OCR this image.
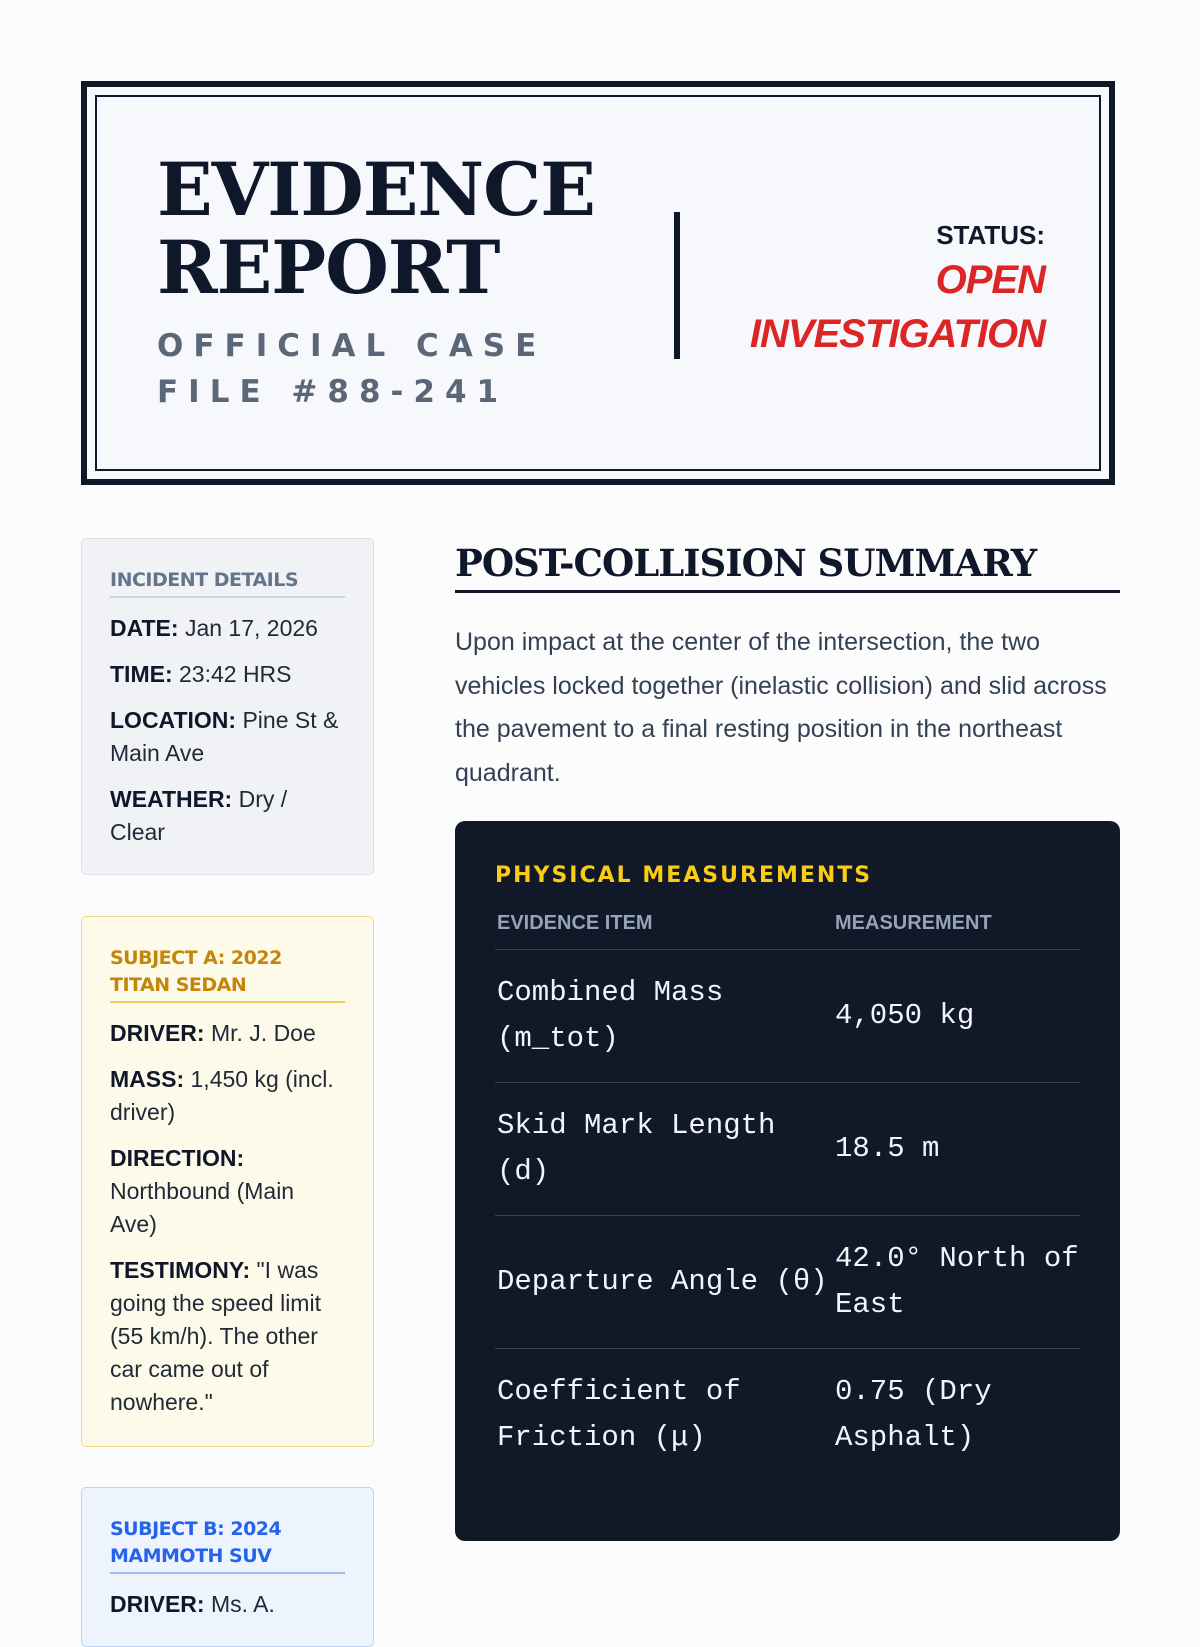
EVIDENCE
REPORT
OFFICIAL CASE FILE #88-241
STATUS:
OPEN
INVESTIGATION
INCIDENT DETAILS
DATE: Jan 17, 2026
TIME: 23:42 HRS
LOCATION: Pine St & Main Ave
WEATHER: Dry / Clear
SUBJECT A: 2022 TITAN SEDAN
DRIVER: Mr. J. Doe
MASS: 1,450 kg (incl. driver)
DIRECTION: Northbound (Main Ave)
TESTIMONY: "I was going the speed limit (55 km/h). The other car came out of nowhere."
SUBJECT B: 2024 MAMMOTH SUV
DRIVER: Ms. A.
POST-COLLISION SUMMARY
Upon impact at the center of the intersection, the two vehicles locked together (inelastic collision) and slid across the pavement to a final resting position in the northeast quadrant.
PHYSICAL MEASUREMENTS
EVIDENCE ITEM	MEASUREMENT
Combined Mass (m_tot)	4,050 kg
Skid Mark Length (d)	18.5 m
Departure Angle (θ)	42.0° North of East
Coefficient of Friction (μ)	0.75 (Dry Asphalt)
